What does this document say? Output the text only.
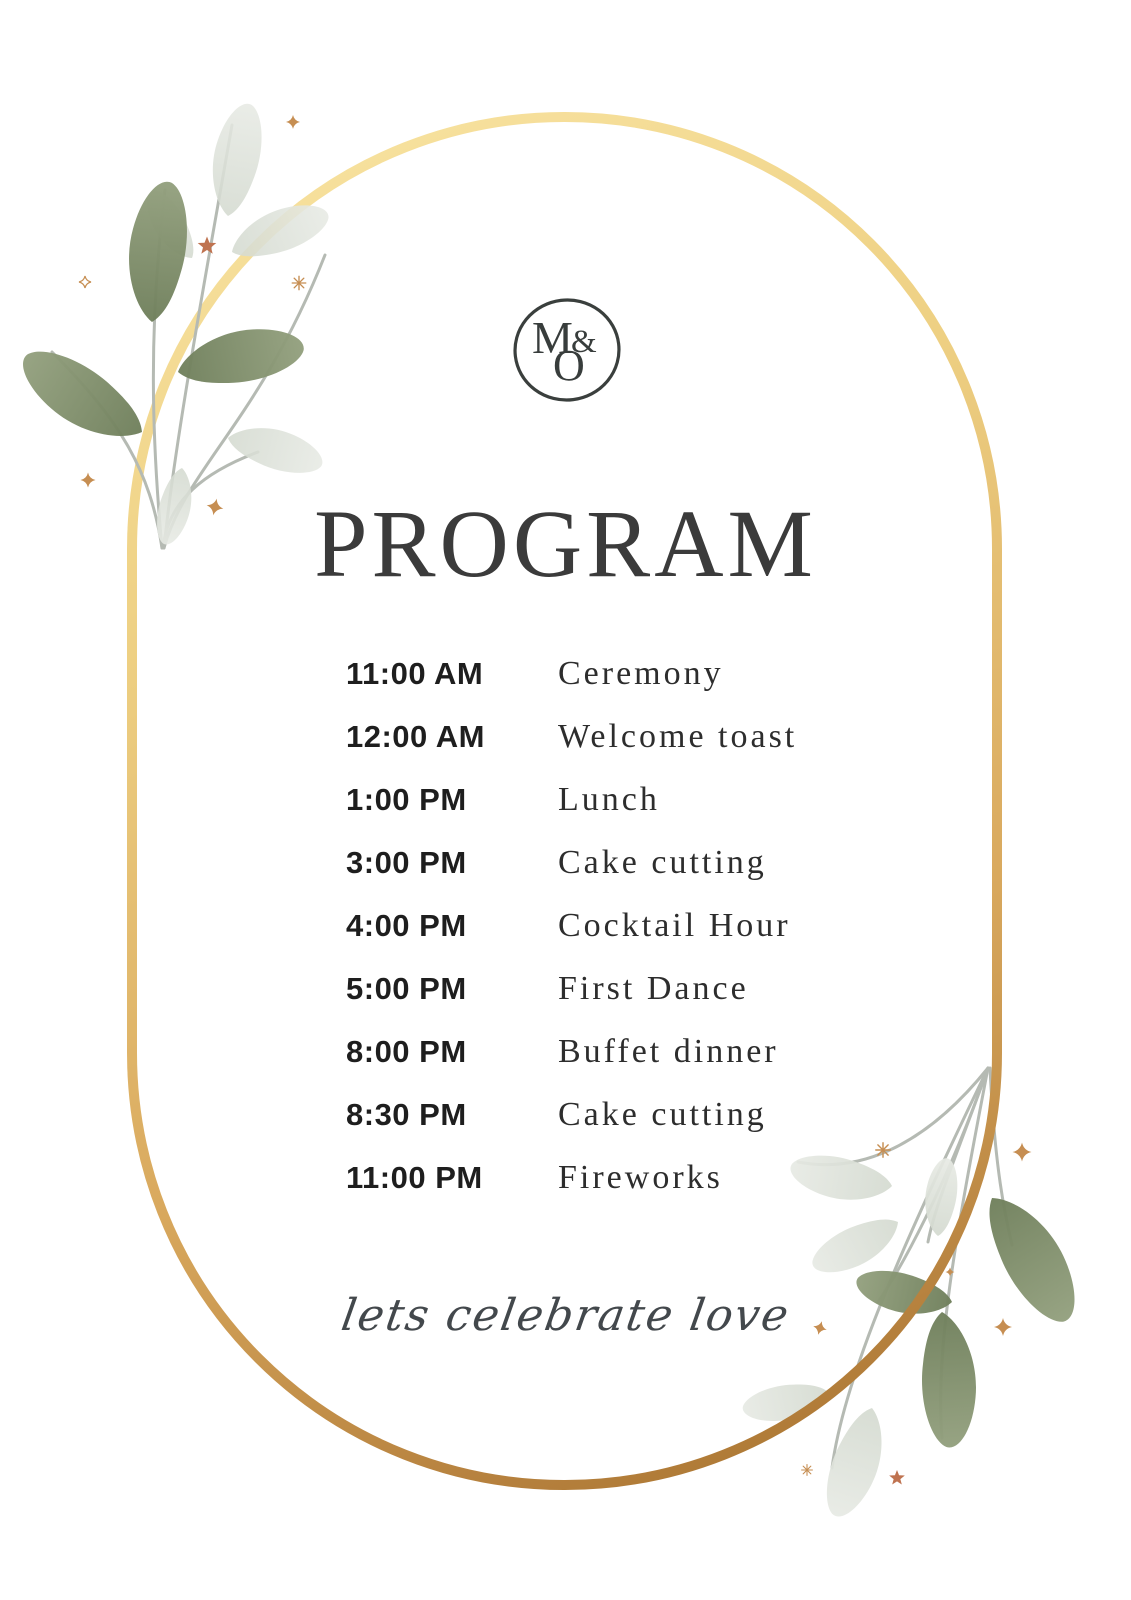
M
&
O
PROGRAM
11:00 AM	Ceremony
12:00 AM	Welcome toast
1:00 PM	Lunch
3:00 PM	Cake cutting
4:00 PM	Cocktail Hour
5:00 PM	First Dance
8:00 PM	Buffet dinner
8:30 PM	Cake cutting
11:00 PM	Fireworks
lets celebrate love
